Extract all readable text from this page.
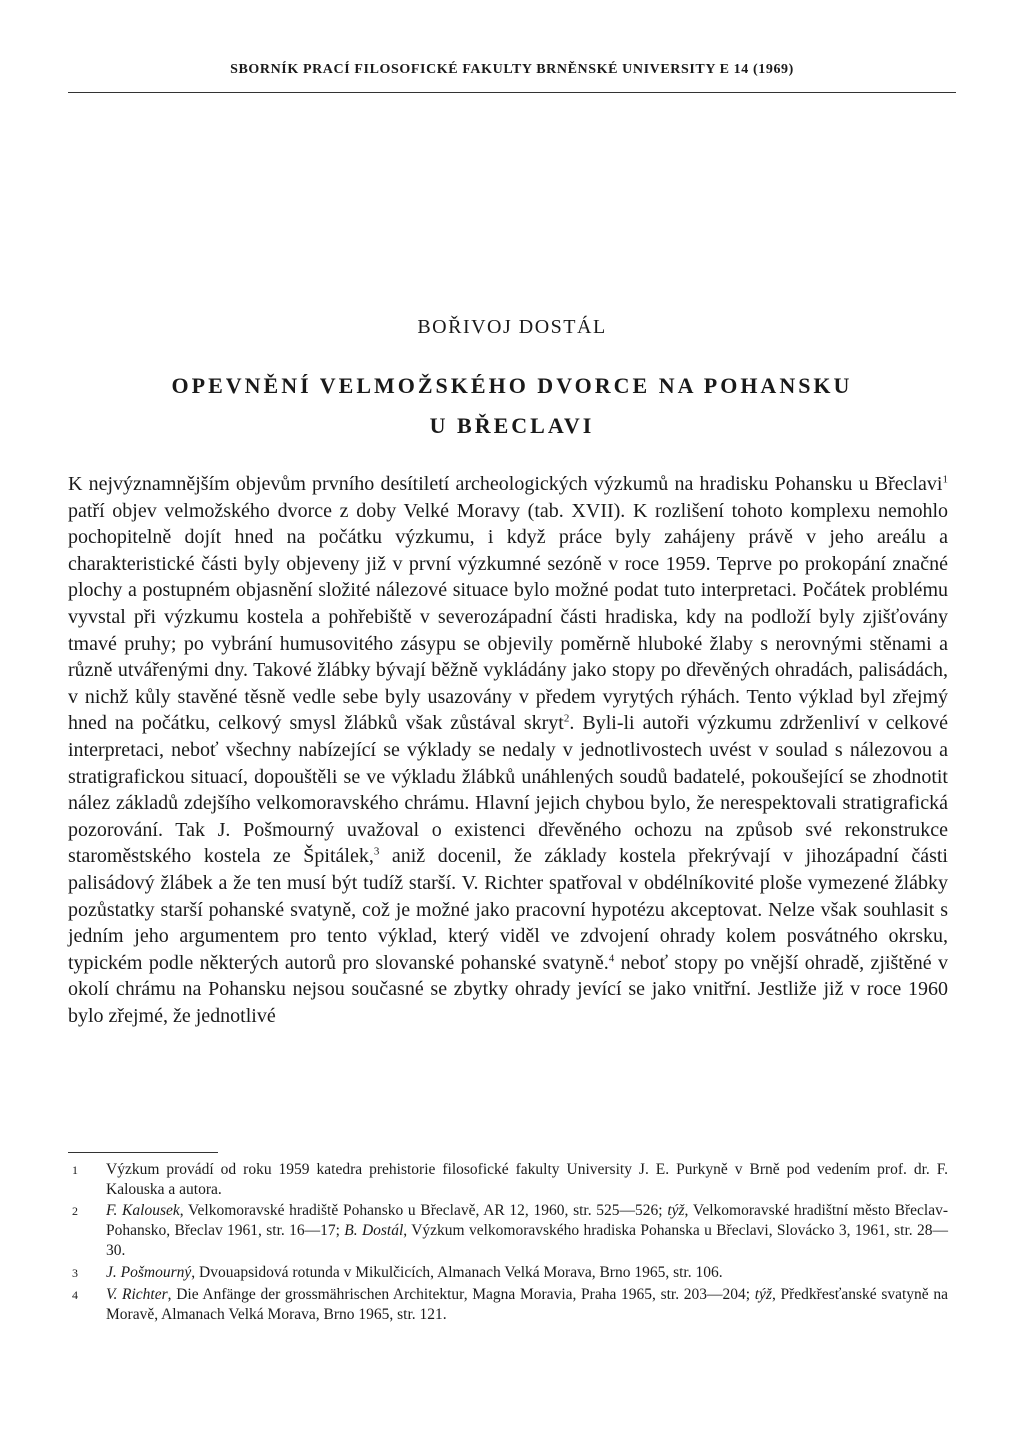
SBORNÍK PRACÍ FILOSOFICKÉ FAKULTY BRNĚNSKÉ UNIVERSITY E 14 (1969)
BOŘIVOJ DOSTÁL
OPEVNĚNÍ VELMOŽSKÉHO DVORCE NA POHANSKU
U BŘECLAVI
K nejvýznamnějším objevům prvního desítiletí archeologických výzkumů na hradisku Pohansku u Břeclavi$^1$ patří objev velmožského dvorce z doby Velké Moravy (tab. XVII). K rozlišení tohoto komplexu nemohlo pochopitelně dojít hned na počátku výzkumu, i když práce byly zahájeny právě v jeho areálu a charakteristické části byly objeveny již v první výzkumné sezóně v roce 1959. Teprve po prokopání značné plochy a postupném objasnění složité nálezové situace bylo možné podat tuto interpretaci. Počátek problému vyvstal při výzkumu kostela a pohřebiště v severozápadní části hradiska, kdy na podloží byly zjišťovány tmavé pruhy; po vybrání humusovitého zásypu se objevily poměrně hluboké žlaby s nerovnými stěnami a různě utvářenými dny. Takové žlábky bývají běžně vykládány jako stopy po dřevěných ohradách, palisádách, v nichž kůly stavěné těsně vedle sebe byly usazovány v předem vyrytých rýhách. Tento výklad byl zřejmý hned na počátku, celkový smysl žlábků však zůstával skryt$^2$. Byli-li autoři výzkumu zdrženliví v celkové interpretaci, neboť všechny nabízející se výklady se nedaly v jednotlivostech uvést v soulad s nálezovou a stratigrafickou situací, dopouštěli se ve výkladu žlábků unáhlených soudů badatelé, pokoušející se zhodnotit nález základů zdejšího velkomoravského chrámu. Hlavní jejich chybou bylo, že nerespektovali stratigrafická pozorování. Tak J. Pošmourný uvažoval o existenci dřevěného ochozu na způsob své rekonstrukce staroměstského kostela ze Špitálek,$^3$ aniž docenil, že základy kostela překrývají v jihozápadní části palisádový žlábek a že ten musí být tudíž starší. V. Richter spatřoval v obdélníkovité ploše vymezené žlábky pozůstatky starší pohanské svatyně, což je možné jako pracovní hypotézu akceptovat. Nelze však souhlasit s jedním jeho argumentem pro tento výklad, který viděl ve zdvojení ohrady kolem posvátného okrsku, typickém podle některých autorů pro slovanské pohanské svatyně.$^4$ neboť stopy po vnější ohradě, zjištěné v okolí chrámu na Pohansku nejsou současné se zbytky ohrady jevící se jako vnitřní. Jestliže již v roce 1960 bylo zřejmé, že jednotlivé
1	Výzkum provádí od roku 1959 katedra prehistorie filosofické fakulty University J. E. Purkyně v Brně pod vedením prof. dr. F. Kalouska a autora.
2	F. Kalousek, Velkomoravské hradiště Pohansko u Břeclavě, AR 12, 1960, str. 525—526; týž, Velkomoravské hradištní město Břeclav-Pohansko, Břeclav 1961, str. 16—17; B. Dostál, Výzkum velkomoravského hradiska Pohanska u Břeclavi, Slovácko 3, 1961, str. 28—30.
3	J. Pošmourný, Dvouapsidová rotunda v Mikulčicích, Almanach Velká Morava, Brno 1965, str. 106.
4	V. Richter, Die Anfänge der grossmährischen Architektur, Magna Moravia, Praha 1965, str. 203—204; týž, Předkřesťanské svatyně na Moravě, Almanach Velká Morava, Brno 1965, str. 121.
